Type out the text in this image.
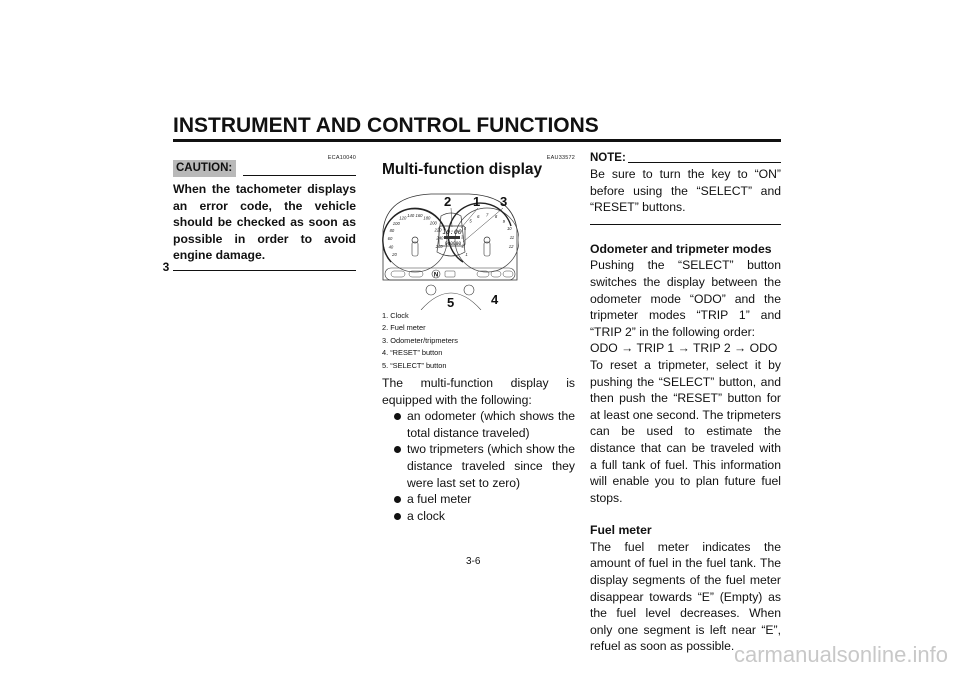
INSTRUMENT AND CONTROL FUNCTIONS
3
ECA10040
CAUTION:
When the tachometer displays an error code, the vehicle should be checked as soon as possible in order to avoid engine damage.
EAU33572
Multi-function display
20
40
60
80
100
120
140 160
180
200
220
240
260
1
2
3
4
5
6 7 8
9
10
11
12
10:00
000000
N
2 1 3
5	4
1. Clock
2. Fuel meter
3. Odometer/tripmeters
4. “RESET” button
5. “SELECT” button
The multi-function display is equipped with the following:
an odometer (which shows the total distance traveled)
two tripmeters (which show the distance traveled since they were last set to zero)
a fuel meter
a clock
NOTE:
Be sure to turn the key to “ON” before using the “SELECT” and “RESET” buttons.
Odometer and tripmeter modes
Pushing the “SELECT” button switches the display between the odometer mode “ODO” and the tripmeter modes “TRIP 1” and “TRIP 2” in the following order:
ODO → TRIP 1 → TRIP 2 → ODO
To reset a tripmeter, select it by pushing the “SELECT” button, and then push the “RESET” button for at least one second. The tripmeters can be used to estimate the distance that can be traveled with a full tank of fuel. This information will enable you to plan future fuel stops.
Fuel meter
The fuel meter indicates the amount of fuel in the fuel tank. The display segments of the fuel meter disappear towards “E” (Empty) as the fuel level decreases. When only one segment is left near “E”, refuel as soon as possible.
3-6
carmanualsonline.info
